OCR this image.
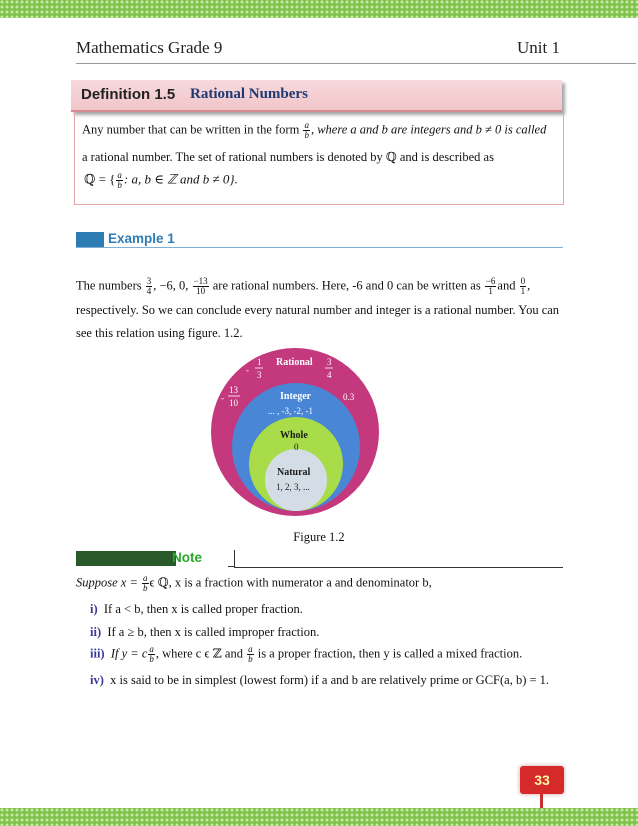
Mathematics Grade 9	Unit 1
Definition 1.5 Rational Numbers
Any number that can be written in the form $\frac{a}{b}$ , where a and b are integers and b ≠ 0 is called
a rational number. The set of rational numbers is denoted by ℚ and is described as
ℚ = { $\frac{a}{b}$ : a, b ∈ ℤ and b ≠ 0}.
Example 1
The numbers $\frac{3}{4}$ , −6, 0, $\frac{-13}{10}$ are rational numbers. Here, -6 and 0 can be written as $\frac{-6}{1}$ and $\frac{0}{1}$ ,
respectively. So we can conclude every natural number and integer is a rational number. You can
see this relation using figure. 1.2.
Rational
-
1
3
3
4
-
13
10
0.3
Integer
... , -3, -2, -1
Whole
0
Natural
1, 2, 3, ...
Figure 1.2
Note
Suppose $x = \frac{a}{b}$ ϵ ℚ, x is a fraction with numerator a and denominator b,
i) If a < b, then x is called proper fraction.
ii) If a ≥ b, then x is called improper fraction.
iii) If y = c $\frac{a}{b}$ , where c ϵ ℤ and $\frac{a}{b}$ is a proper fraction, then y is called a mixed fraction.
iv) x is said to be in simplest (lowest form) if a and b are relatively prime or GCF(a, b) = 1.
33
